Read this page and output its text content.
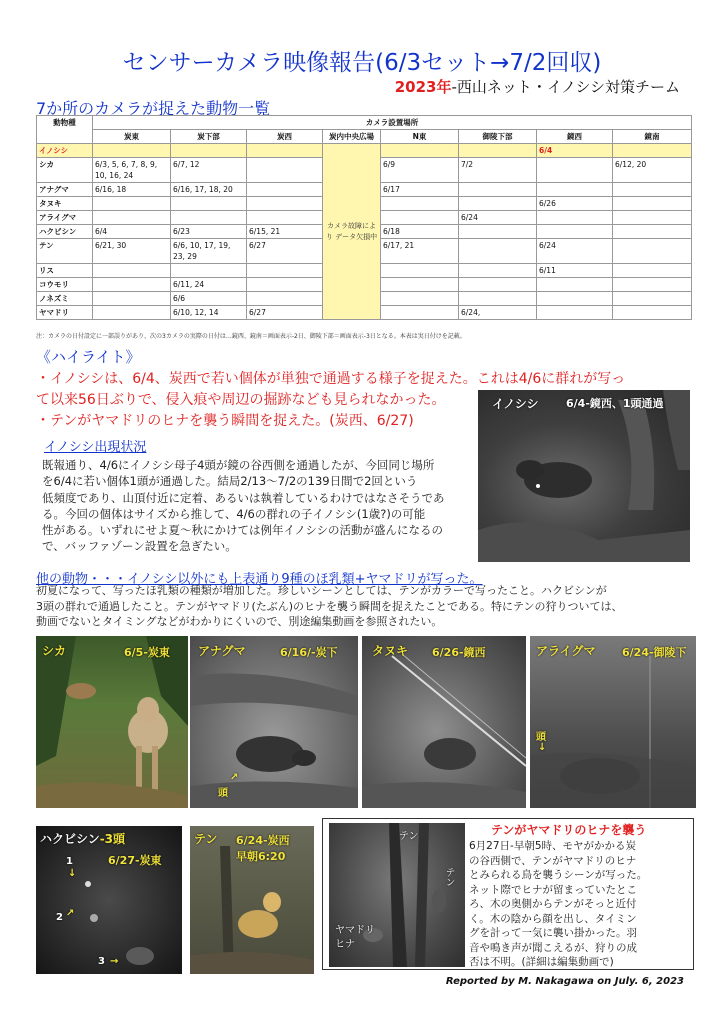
センサーカメラ映像報告(6/3セット→7/2回収)
2023年-西山ネット・イノシシ対策チーム
7か所のカメラが捉えた動物一覧
動物種	カメラ設置場所							
	炭東	炭下部	炭西	炭内中央広場	N東	御陵下部	鏡西	鏡南
イノシシ				カメラ故障により データ欠損中			6/4	
シカ	6/3, 5, 6, 7, 8, 9, 10, 16, 24	6/7, 12			6/9	7/2		6/12, 20
アナグマ	6/16, 18	6/16, 17, 18, 20			6/17			
タヌキ							6/26	
アライグマ						6/24		
ハクビシン	6/4	6/23	6/15, 21		6/18			
テン	6/21, 30	6/6, 10, 17, 19, 23, 29	6/27		6/17, 21		6/24	
リス							6/11	
コウモリ		6/11, 24						
ノネズミ		6/6						
ヤマドリ		6/10, 12, 14	6/27			6/24,		
注：カメラの日付設定に一部誤りがあり、次の3カメラの実際の日付は…鏡西、鏡南＝画面表示-2日、御陵下部＝画面表示-3日となる。本表は実日付けを記載。
《ハイライト》
・イノシシは、6/4、炭西で若い個体が単独で通過する様子を捉えた。これは4/6に群れが写っ
て以来56日ぶりで、侵入痕や周辺の掘跡なども見られなかった。
・テンがヤマドリのヒナを襲う瞬間を捉えた。(炭西、6/27)
イノシシ 6/4-鏡西、1頭通過
イノシシ出現状況
既報通り、4/6にイノシシ母子4頭が鏡の谷西側を通過したが、今回同じ場所
を6/4に若い個体1頭が通過した。結局2/13～7/2の139日間で2回という
低頻度であり、山頂付近に定着、あるいは執着しているわけではなさそうであ
る。今回の個体はサイズから推して、4/6の群れの子イノシシ(1歳?)の可能
性がある。いずれにせよ夏～秋にかけては例年イノシシの活動が盛んになるの
で、バッファゾーン設置を急ぎたい。
他の動物・・・イノシシ以外にも上表通り9種のほ乳類+ヤマドリが写った。
初夏になって、写ったほ乳類の種類が増加した。珍しいシーンとしては、テンがカラーで写ったこと。ハクビシンが
3頭の群れで通過したこと。テンがヤマドリ(たぶん)のヒナを襲う瞬間を捉えたことである。特にテンの狩りついては、
動画でないとタイミングなどがわかりにくいので、別途編集動画を参照されたい。
シカ	6/5-炭東 アナグマ	6/16/-炭下
頭
↗
タヌキ 6/26-鏡西	アライグマ 6/24-御陵下
頭
↓
ハクビシン-3頭
6/27-炭東
1
↓
2 ↗
3 →
テン 6/24-炭西
早朝6:20
テン
テン
ヤマドリ
ヒナ
テンがヤマドリのヒナを襲う
6月27日-早朝5時、モヤがかかる炭
の谷西側で、テンがヤマドリのヒナ
とみられる鳥を襲うシーンが写った。
ネット際でヒナが留まっていたとこ
ろ、木の奥側からテンがそっと近付
く。木の陰から顔を出し、タイミン
グを計って一気に襲い掛かった。羽
音や鳴き声が聞こえるが、狩りの成
否は不明。(詳細は編集動画で)
Reported by M. Nakagawa on July. 6, 2023
